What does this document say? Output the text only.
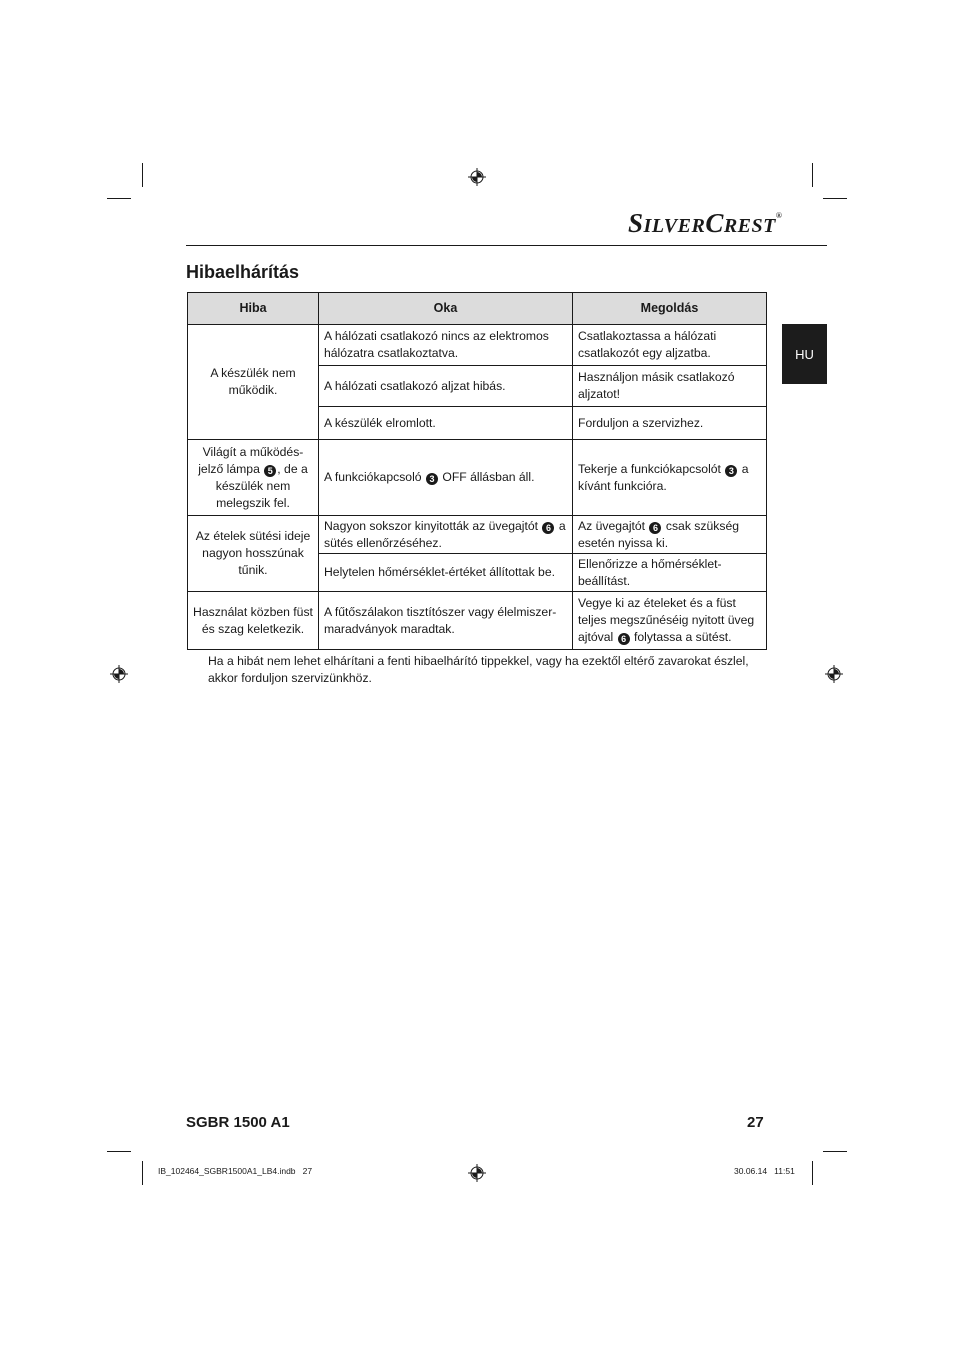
SILVERCREST®
Hibaelhárítás
HU
Hiba	Oka	Megoldás
A készülék nem működik.	A hálózati csatlakozó nincs az elektromos hálózatra csatlakoztatva.	Csatlakoztassa a hálózati csatlakozót egy aljzatba.
	A hálózati csatlakozó aljzat hibás.	Használjon másik csatlakozó aljzatot!
	A készülék elromlott.	Forduljon a szervizhez.
Világít a működés-jelző lámpa 5 , de a készülék nem melegszik fel.	A funkciókapcsoló 3 OFF állásban áll.	Tekerje a funkciókapcsolót 3 a kívánt funkcióra.
Az ételek sütési ideje nagyon hosszúnak tűnik.	Nagyon sokszor kinyitották az üvegajtót 6 a sütés ellenőrzéséhez.	Az üvegajtót 6 csak szükség esetén nyissa ki.
	Helytelen hőmérséklet-értéket állítottak be.	Ellenőrizze a hőmérséklet-beállítást.
Használat közben füst és szag keletkezik.	A fűtőszálakon tisztítószer vagy élelmiszer-maradványok maradtak.	Vegye ki az ételeket és a füst teljes megszűnéséig nyitott üveg ajtóval 6 folytassa a sütést.
Ha a hibát nem lehet elhárítani a fenti hibaelhárító tippekkel, vagy ha ezektől eltérő zavarokat észlel, akkor forduljon szervizünkhöz.
SGBR 1500 A1	27
IB_102464_SGBR1500A1_LB4.indb   27	30.06.14   11:51
